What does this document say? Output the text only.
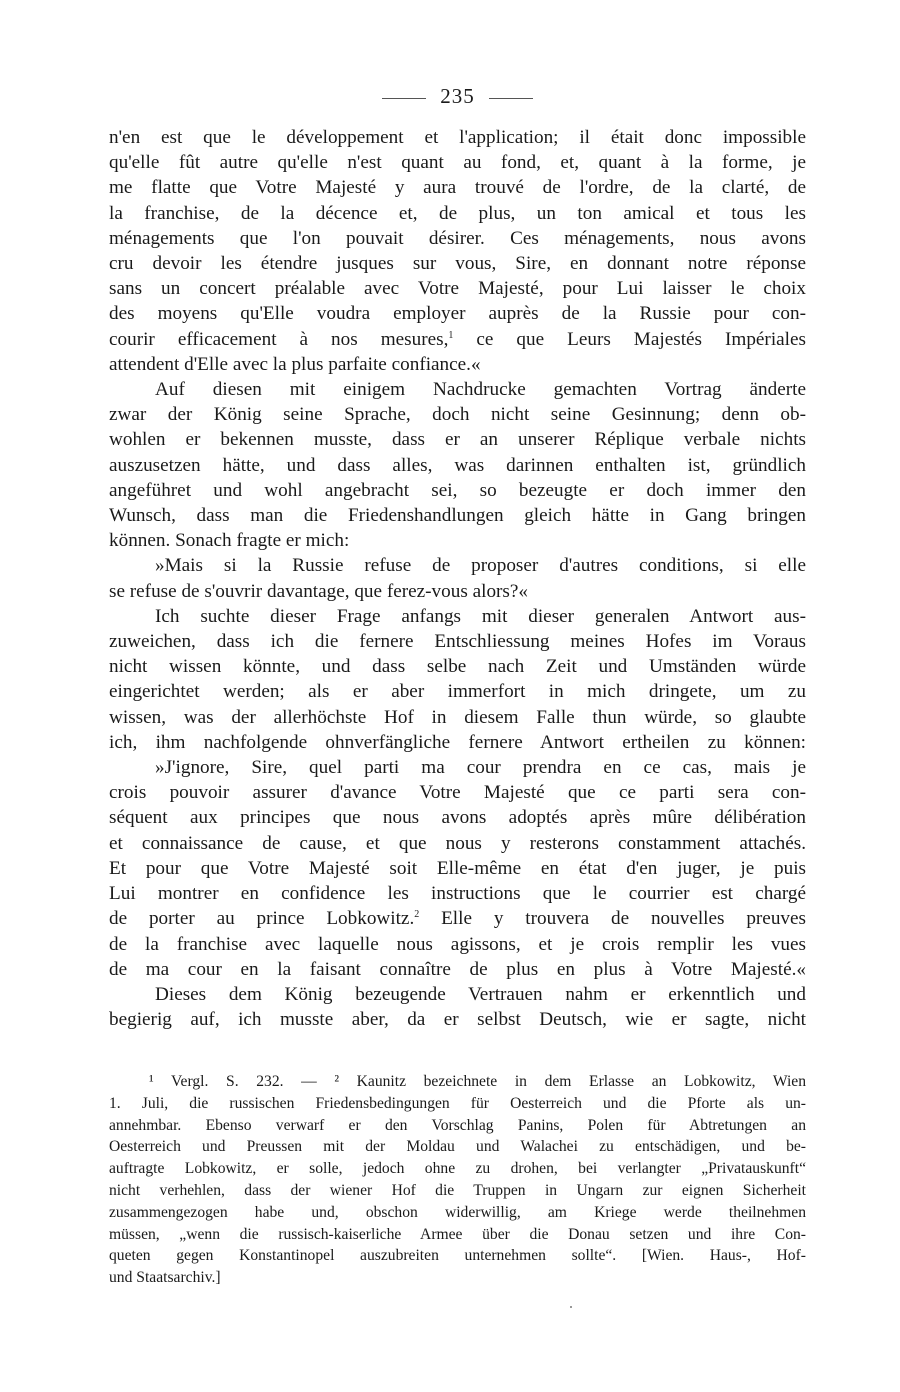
235
n'en est que le développement et l'application; il était donc impossible
qu'elle fût autre qu'elle n'est quant au fond, et, quant à la forme, je
me flatte que Votre Majesté y aura trouvé de l'ordre, de la clarté, de
la franchise, de la décence et, de plus, un ton amical et tous les
ménagements que l'on pouvait désirer. Ces ménagements, nous avons
cru devoir les étendre jusques sur vous, Sire, en donnant notre réponse
sans un concert préalable avec Votre Majesté, pour Lui laisser le choix
des moyens qu'Elle voudra employer auprès de la Russie pour con-
courir efficacement à nos mesures,$^1$ ce que Leurs Majestés Impériales
attendent d'Elle avec la plus parfaite confiance.«
Auf diesen mit einigem Nachdrucke gemachten Vortrag änderte
zwar der König seine Sprache, doch nicht seine Gesinnung; denn ob-
wohlen er bekennen musste, dass er an unserer Réplique verbale nichts
auszusetzen hätte, und dass alles, was darinnen enthalten ist, gründlich
angeführet und wohl angebracht sei, so bezeugte er doch immer den
Wunsch, dass man die Friedenshandlungen gleich hätte in Gang bringen
können. Sonach fragte er mich:
»Mais si la Russie refuse de proposer d'autres conditions, si elle
se refuse de s'ouvrir davantage, que ferez-vous alors?«
Ich suchte dieser Frage anfangs mit dieser generalen Antwort aus-
zuweichen, dass ich die fernere Entschliessung meines Hofes im Voraus
nicht wissen könnte, und dass selbe nach Zeit und Umständen würde
eingerichtet werden; als er aber immerfort in mich dringete, um zu
wissen, was der allerhöchste Hof in diesem Falle thun würde, so glaubte
ich, ihm nachfolgende ohnverfängliche fernere Antwort ertheilen zu können:
»J'ignore, Sire, quel parti ma cour prendra en ce cas, mais je
crois pouvoir assurer d'avance Votre Majesté que ce parti sera con-
séquent aux principes que nous avons adoptés après mûre délibération
et connaissance de cause, et que nous y resterons constamment attachés.
Et pour que Votre Majesté soit Elle-même en état d'en juger, je puis
Lui montrer en confidence les instructions que le courrier est chargé
de porter au prince Lobkowitz.$^2$ Elle y trouvera de nouvelles preuves
de la franchise avec laquelle nous agissons, et je crois remplir les vues
de ma cour en la faisant connaître de plus en plus à Votre Majesté.«
Dieses dem König bezeugende Vertrauen nahm er erkenntlich und
begierig auf, ich musste aber, da er selbst Deutsch, wie er sagte, nicht
¹ Vergl. S. 232. — ² Kaunitz bezeichnete in dem Erlasse an Lobkowitz, Wien
1. Juli, die russischen Friedensbedingungen für Oesterreich und die Pforte als un-
annehmbar. Ebenso verwarf er den Vorschlag Panins, Polen für Abtretungen an
Oesterreich und Preussen mit der Moldau und Walachei zu entschädigen, und be-
auftragte Lobkowitz, er solle, jedoch ohne zu drohen, bei verlangter „Privatauskunft“
nicht verhehlen, dass der wiener Hof die Truppen in Ungarn zur eignen Sicherheit
zusammengezogen habe und, obschon widerwillig, am Kriege werde theilnehmen
müssen, „wenn die russisch-kaiserliche Armee über die Donau setzen und ihre Con-
queten gegen Konstantinopel auszubreiten unternehmen sollte“. [Wien. Haus-, Hof-
und Staatsarchiv.]
